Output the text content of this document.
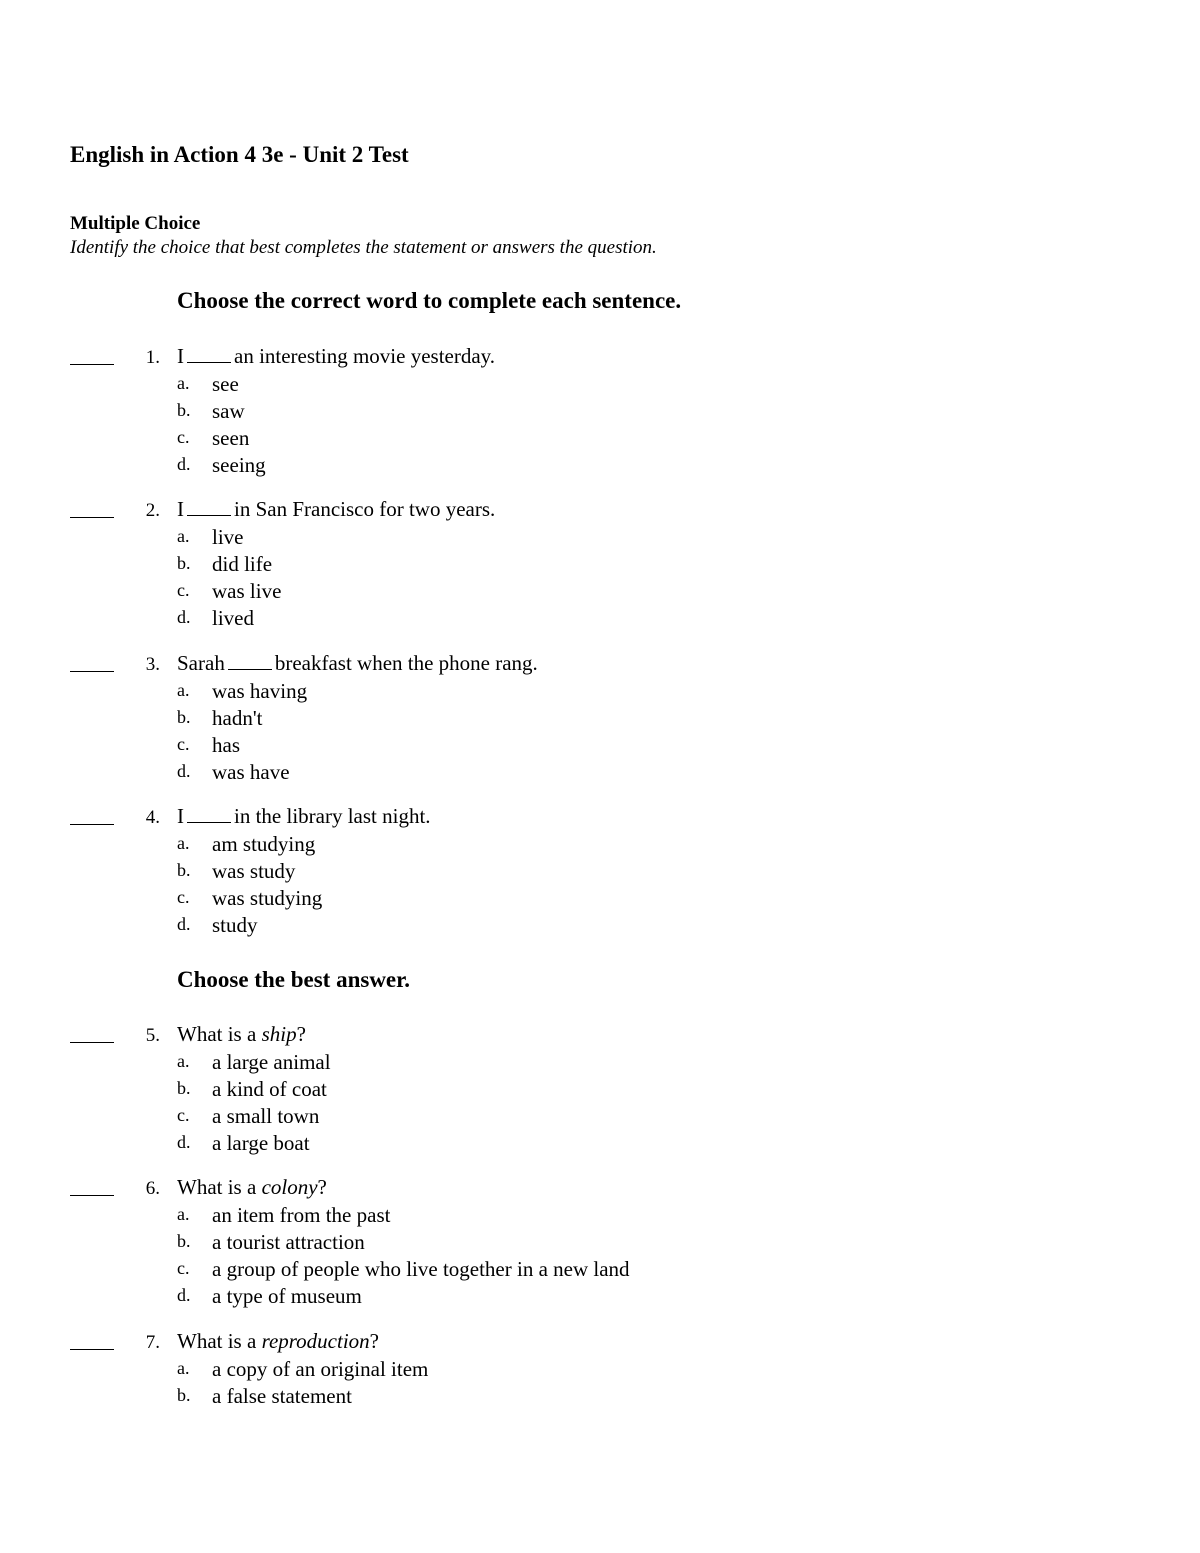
English in Action 4 3e - Unit 2 Test
Multiple Choice
Identify the choice that best completes the statement or answers the question.
Choose the correct word to complete each sentence.
1. I an interesting movie yesterday.
a. see
b. saw
c. seen
d. seeing
2. I in San Francisco for two years.
a. live
b. did life
c. was live
d. lived
3. Sarah breakfast when the phone rang.
a. was having
b. hadn't
c. has
d. was have
4. I in the library last night.
a. am studying
b. was study
c. was studying
d. study
Choose the best answer.
5. What is a ship?
a. a large animal
b. a kind of coat
c. a small town
d. a large boat
6. What is a colony?
a. an item from the past
b. a tourist attraction
c. a group of people who live together in a new land
d. a type of museum
7. What is a reproduction?
a. a copy of an original item
b. a false statement
